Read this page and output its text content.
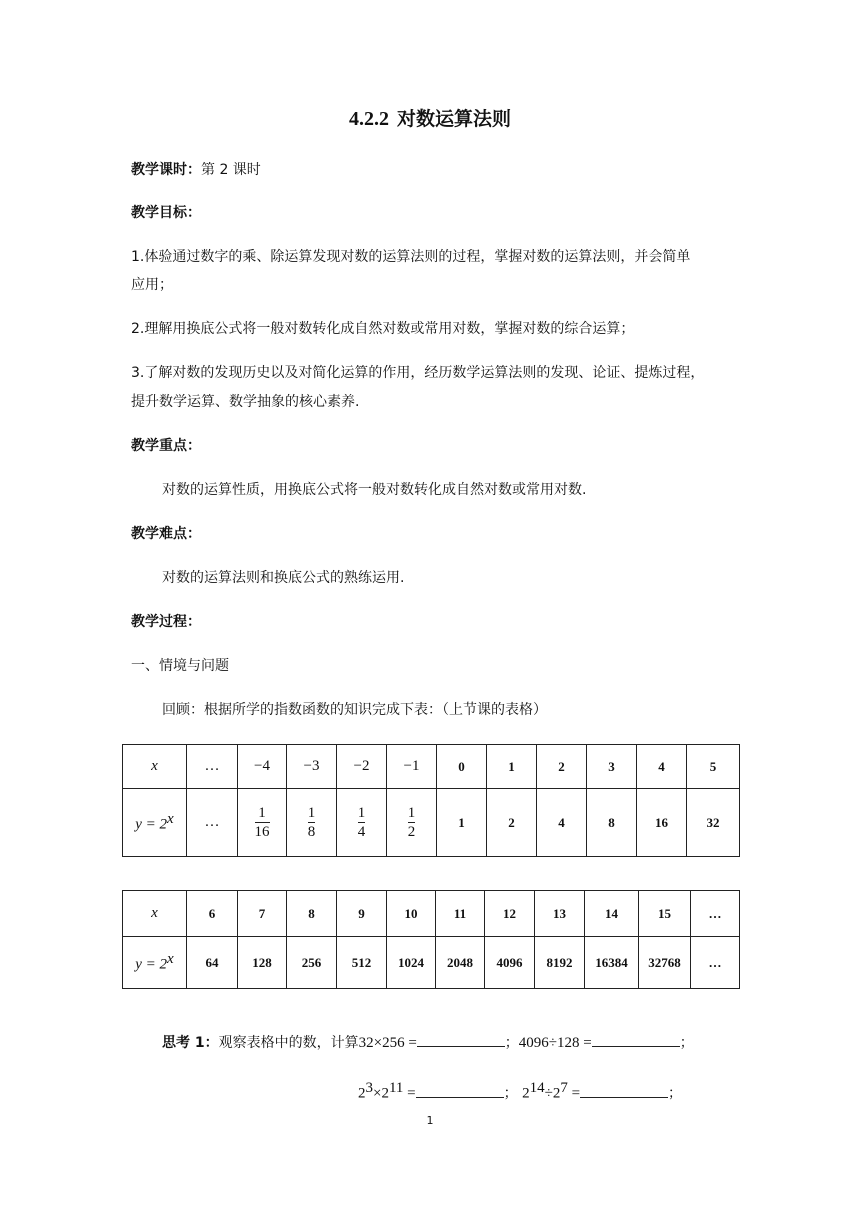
4.2.2 对数运算法则
教学课时：第 2 课时
教学目标：
1.体验通过数字的乘、除运算发现对数的运算法则的过程，掌握对数的运算法则，并会简单
应用；
2.理解用换底公式将一般对数转化成自然对数或常用对数，掌握对数的综合运算；
3.了解对数的发现历史以及对简化运算的作用，经历数学运算法则的发现、论证、提炼过程，
提升数学运算、数学抽象的核心素养.
教学重点：
对数的运算性质，用换底公式将一般对数转化成自然对数或常用对数.
教学难点：
对数的运算法则和换底公式的熟练运用.
教学过程：
一、情境与问题
回顾：根据所学的指数函数的知识完成下表：（上节课的表格）
x	…	−4	−3	−2	−1	0	1	2	3	4	5
$y = 2^x$	…	$\frac{1}{16}$	$\frac{1}{8}$	$\frac{1}{4}$	$\frac{1}{2}$	1	2	4	8	16	32
x	6	7	8	9	10	11	12	13	14	15	…
$y = 2^x$	64	128	256	512	1024	2048	4096	8192	16384	32768	…
思考 1：观察表格中的数，计算32×256 =	；4096÷128 =	；
$2^3\times 2^{11}$ =	； $2^{14}\div 2^7$ =	；
1
